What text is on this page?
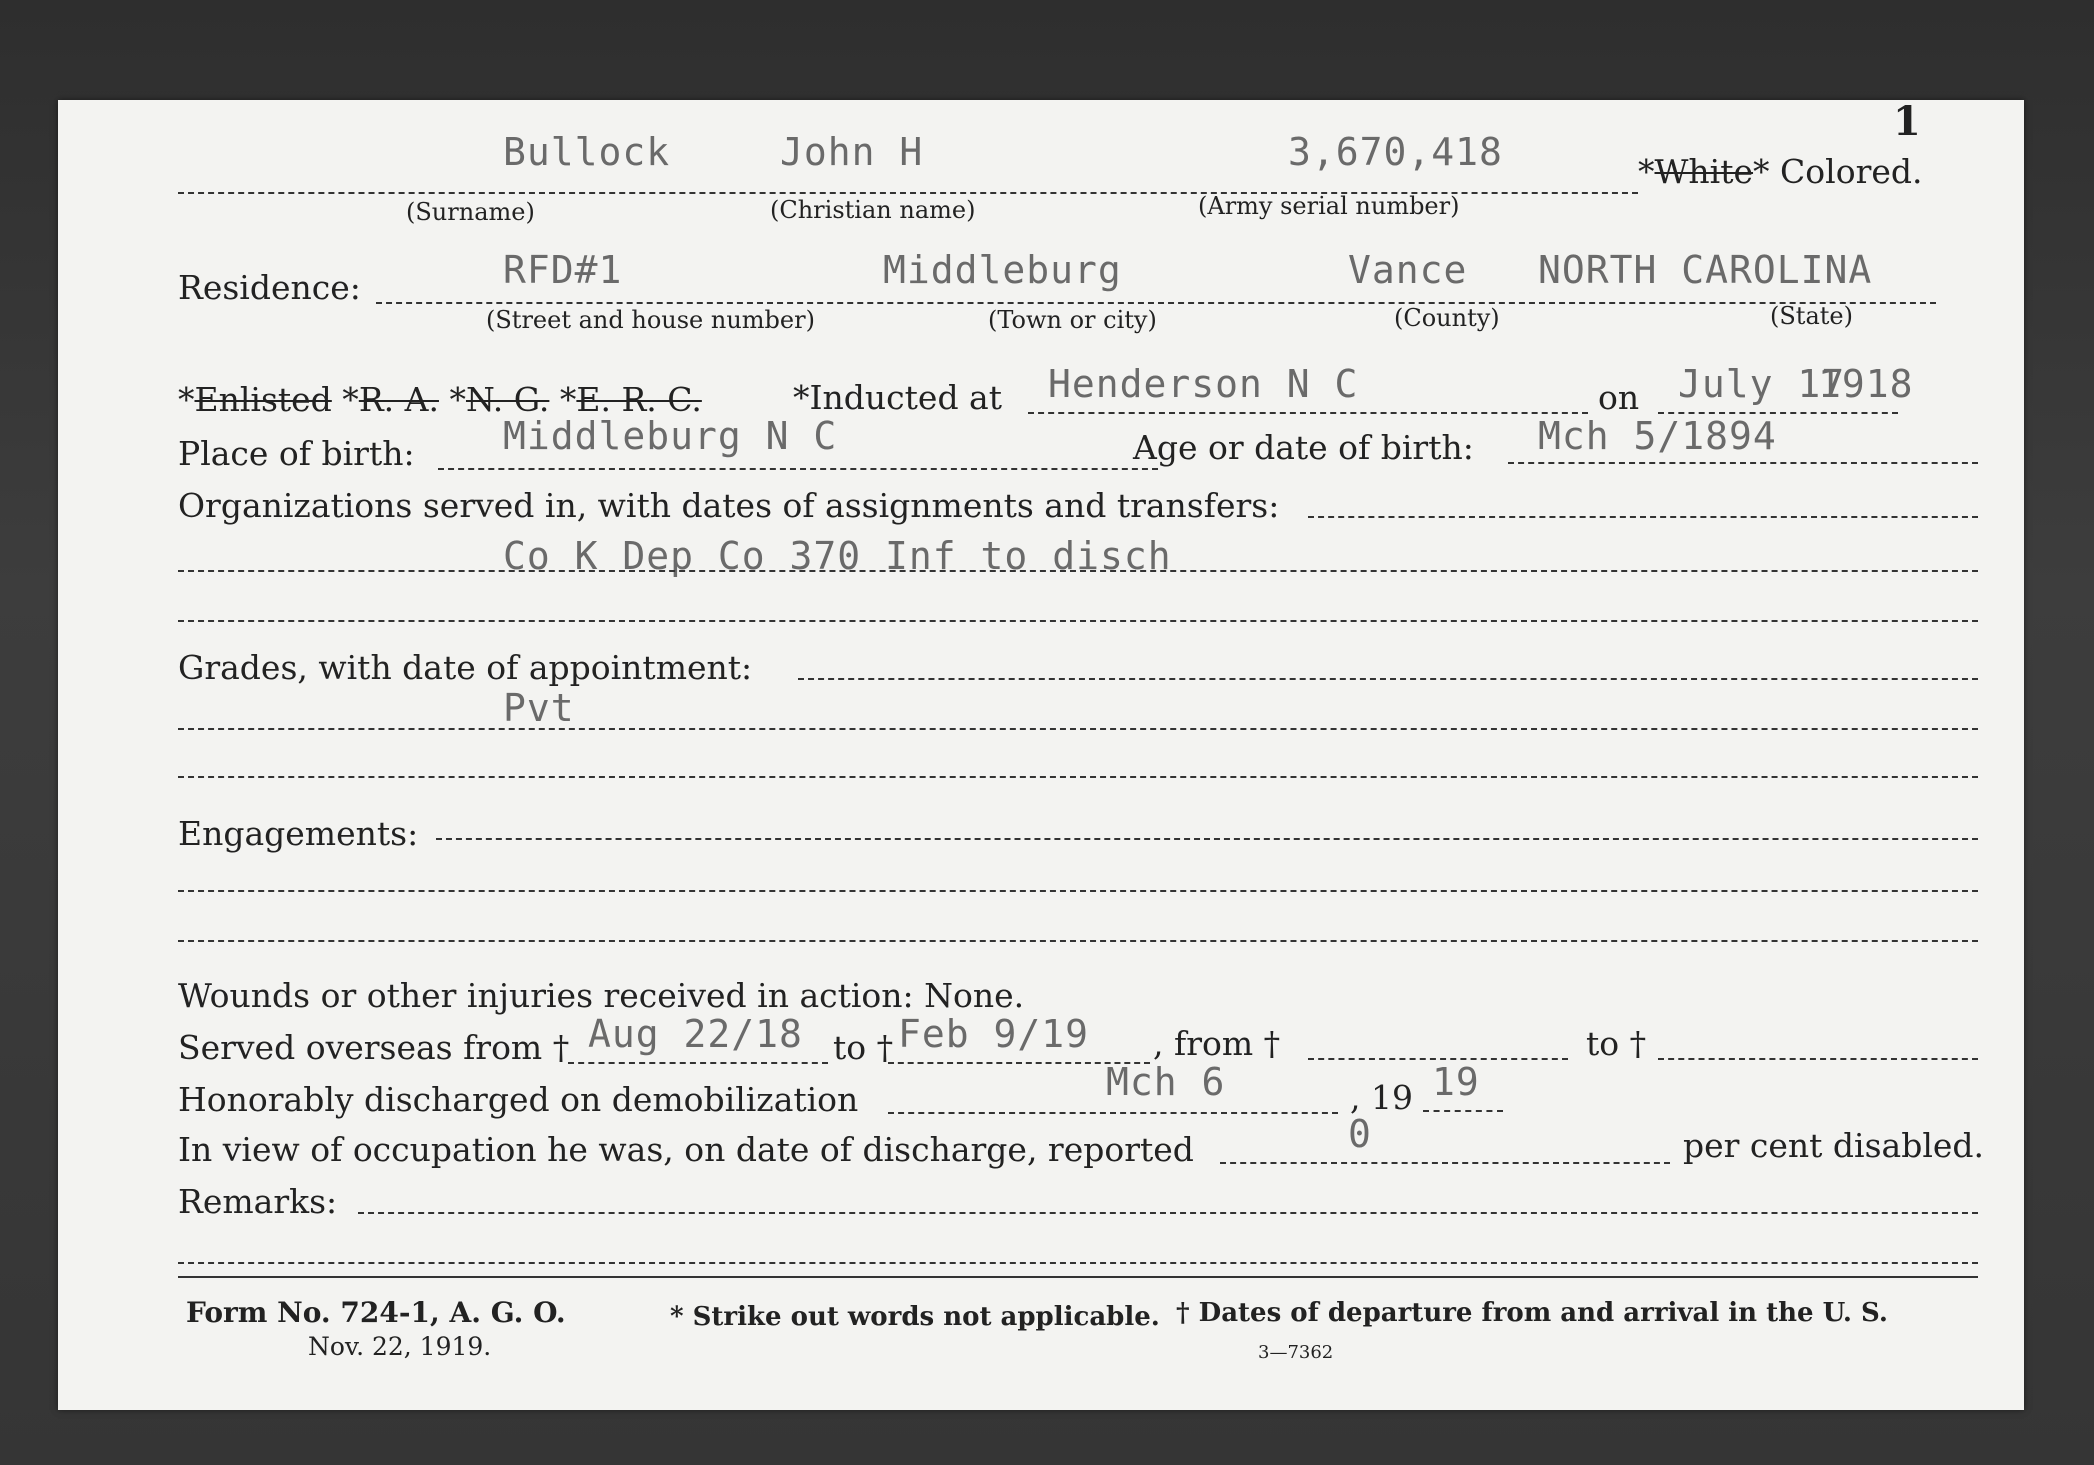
1
Bullock	John H	3,670,418	*White* Colored.
(Surname)	(Christian name)	(Army serial number)
Residence:	RFD#1	Middleburg	Vance NORTH CAROLINA
(Street and house number)	(Town or city)	(County)	(State)
*Enlisted *R. A. *N. G. *E. R. C.	*Inducted at Henderson N C	on July 17
1918
Place of birth: Middleburg N C	Age or date of birth: Mch 5/1894
Organizations served in, with dates of assignments and transfers:
Co K Dep Co 370 Inf to disch
Grades, with date of appointment:
Pvt
Engagements:
Wounds or other injuries received in action: None.
Served overseas from † Aug 22/18 to † Feb 9/19 , from †	to †
Honorably discharged on demobilization	Mch 6	, 19 19
In view of occupation he was, on date of discharge, reported	0	per cent disabled.
Remarks:
Form No. 724-1, A. G. O.
Nov. 22, 1919.
* Strike out words not applicable. † Dates of departure from and arrival in the U. S.
3—7362
